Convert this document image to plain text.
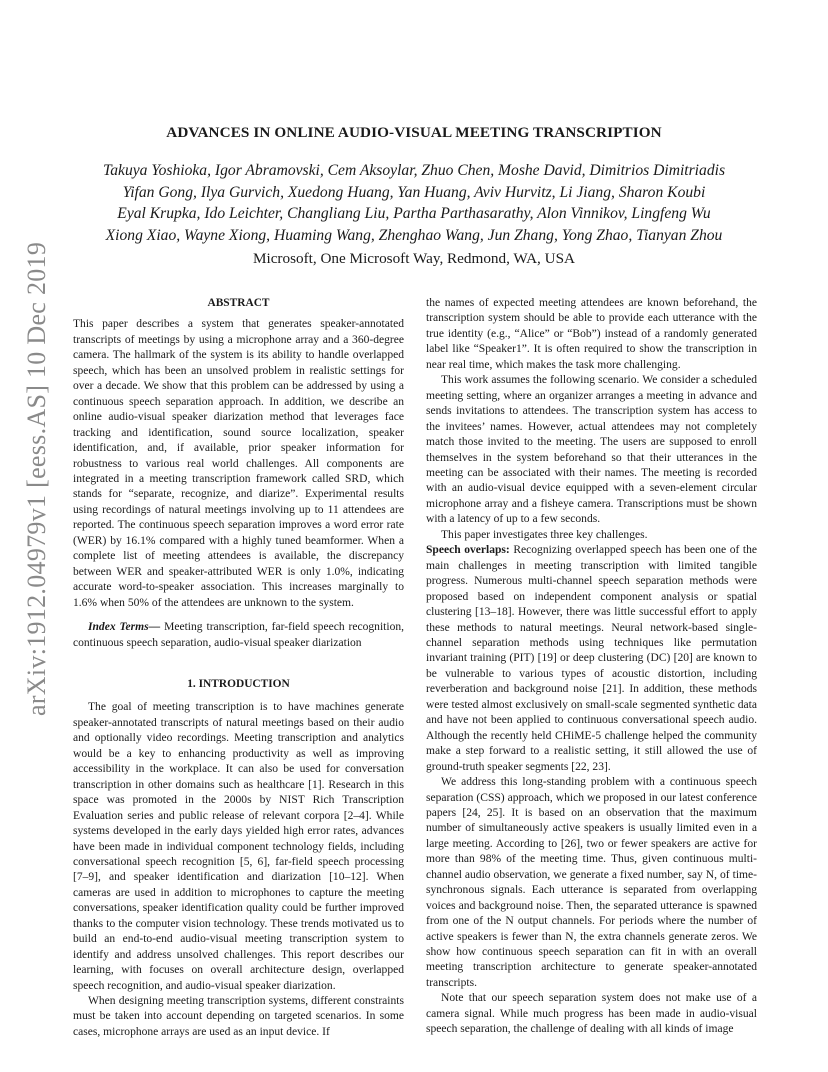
arXiv:1912.04979v1 [eess.AS] 10 Dec 2019
ADVANCES IN ONLINE AUDIO-VISUAL MEETING TRANSCRIPTION
Takuya Yoshioka, Igor Abramovski, Cem Aksoylar, Zhuo Chen, Moshe David, Dimitrios Dimitriadis
Yifan Gong, Ilya Gurvich, Xuedong Huang, Yan Huang, Aviv Hurvitz, Li Jiang, Sharon Koubi
Eyal Krupka, Ido Leichter, Changliang Liu, Partha Parthasarathy, Alon Vinnikov, Lingfeng Wu
Xiong Xiao, Wayne Xiong, Huaming Wang, Zhenghao Wang, Jun Zhang, Yong Zhao, Tianyan Zhou
Microsoft, One Microsoft Way, Redmond, WA, USA
ABSTRACT

This paper describes a system that generates speaker-annotated transcripts of meetings by using a microphone array and a 360-degree camera. The hallmark of the system is its ability to handle overlapped speech, which has been an unsolved problem in realistic settings for over a decade. We show that this problem can be addressed by using a continuous speech separation approach. In addition, we describe an online audio-visual speaker diarization method that leverages face tracking and identification, sound source localization, speaker identification, and, if available, prior speaker information for robustness to various real world challenges. All components are integrated in a meeting transcription framework called SRD, which stands for “separate, recognize, and diarize”. Experimental results using recordings of natural meetings involving up to 11 attendees are reported. The continuous speech separation improves a word error rate (WER) by 16.1% compared with a highly tuned beamformer. When a complete list of meeting attendees is available, the discrepancy between WER and speaker-attributed WER is only 1.0%, indicating accurate word-to-speaker association. This increases marginally to 1.6% when 50% of the attendees are unknown to the system.

Index Terms— Meeting transcription, far-field speech recognition, continuous speech separation, audio-visual speaker diarization

1. INTRODUCTION

The goal of meeting transcription is to have machines generate speaker-annotated transcripts of natural meetings based on their audio and optionally video recordings. Meeting transcription and analytics would be a key to enhancing productivity as well as improving accessibility in the workplace. It can also be used for conversation transcription in other domains such as healthcare [1]. Research in this space was promoted in the 2000s by NIST Rich Transcription Evaluation series and public release of relevant corpora [2–4]. While systems developed in the early days yielded high error rates, advances have been made in individual component technology fields, including conversational speech recognition [5, 6], far-field speech processing [7–9], and speaker identification and diarization [10–12]. When cameras are used in addition to microphones to capture the meeting conversations, speaker identification quality could be further improved thanks to the computer vision technology. These trends motivated us to build an end-to-end audio-visual meeting transcription system to identify and address unsolved challenges. This report describes our learning, with focuses on overall architecture design, overlapped speech recognition, and audio-visual speaker diarization.

When designing meeting transcription systems, different constraints must be taken into account depending on targeted scenarios. In some cases, microphone arrays are used as an input device. If

the names of expected meeting attendees are known beforehand, the transcription system should be able to provide each utterance with the true identity (e.g., “Alice” or “Bob”) instead of a randomly generated label like “Speaker1”. It is often required to show the transcription in near real time, which makes the task more challenging.

This work assumes the following scenario. We consider a scheduled meeting setting, where an organizer arranges a meeting in advance and sends invitations to attendees. The transcription system has access to the invitees’ names. However, actual attendees may not completely match those invited to the meeting. The users are supposed to enroll themselves in the system beforehand so that their utterances in the meeting can be associated with their names. The meeting is recorded with an audio-visual device equipped with a seven-element circular microphone array and a fisheye camera. Transcriptions must be shown with a latency of up to a few seconds.

This paper investigates three key challenges.

Speech overlaps: Recognizing overlapped speech has been one of the main challenges in meeting transcription with limited tangible progress. Numerous multi-channel speech separation methods were proposed based on independent component analysis or spatial clustering [13–18]. However, there was little successful effort to apply these methods to natural meetings. Neural network-based single-channel separation methods using techniques like permutation invariant training (PIT) [19] or deep clustering (DC) [20] are known to be vulnerable to various types of acoustic distortion, including reverberation and background noise [21]. In addition, these methods were tested almost exclusively on small-scale segmented synthetic data and have not been applied to continuous conversational speech audio. Although the recently held CHiME-5 challenge helped the community make a step forward to a realistic setting, it still allowed the use of ground-truth speaker segments [22, 23].

We address this long-standing problem with a continuous speech separation (CSS) approach, which we proposed in our latest conference papers [24, 25]. It is based on an observation that the maximum number of simultaneously active speakers is usually limited even in a large meeting. According to [26], two or fewer speakers are active for more than 98% of the meeting time. Thus, given continuous multi-channel audio observation, we generate a fixed number, say N, of time-synchronous signals. Each utterance is separated from overlapping voices and background noise. Then, the separated utterance is spawned from one of the N output channels. For periods where the number of active speakers is fewer than N, the extra channels generate zeros. We show how continuous speech separation can fit in with an overall meeting transcription architecture to generate speaker-annotated transcripts.

Note that our speech separation system does not make use of a camera signal. While much progress has been made in audio-visual speech separation, the challenge of dealing with all kinds of image
